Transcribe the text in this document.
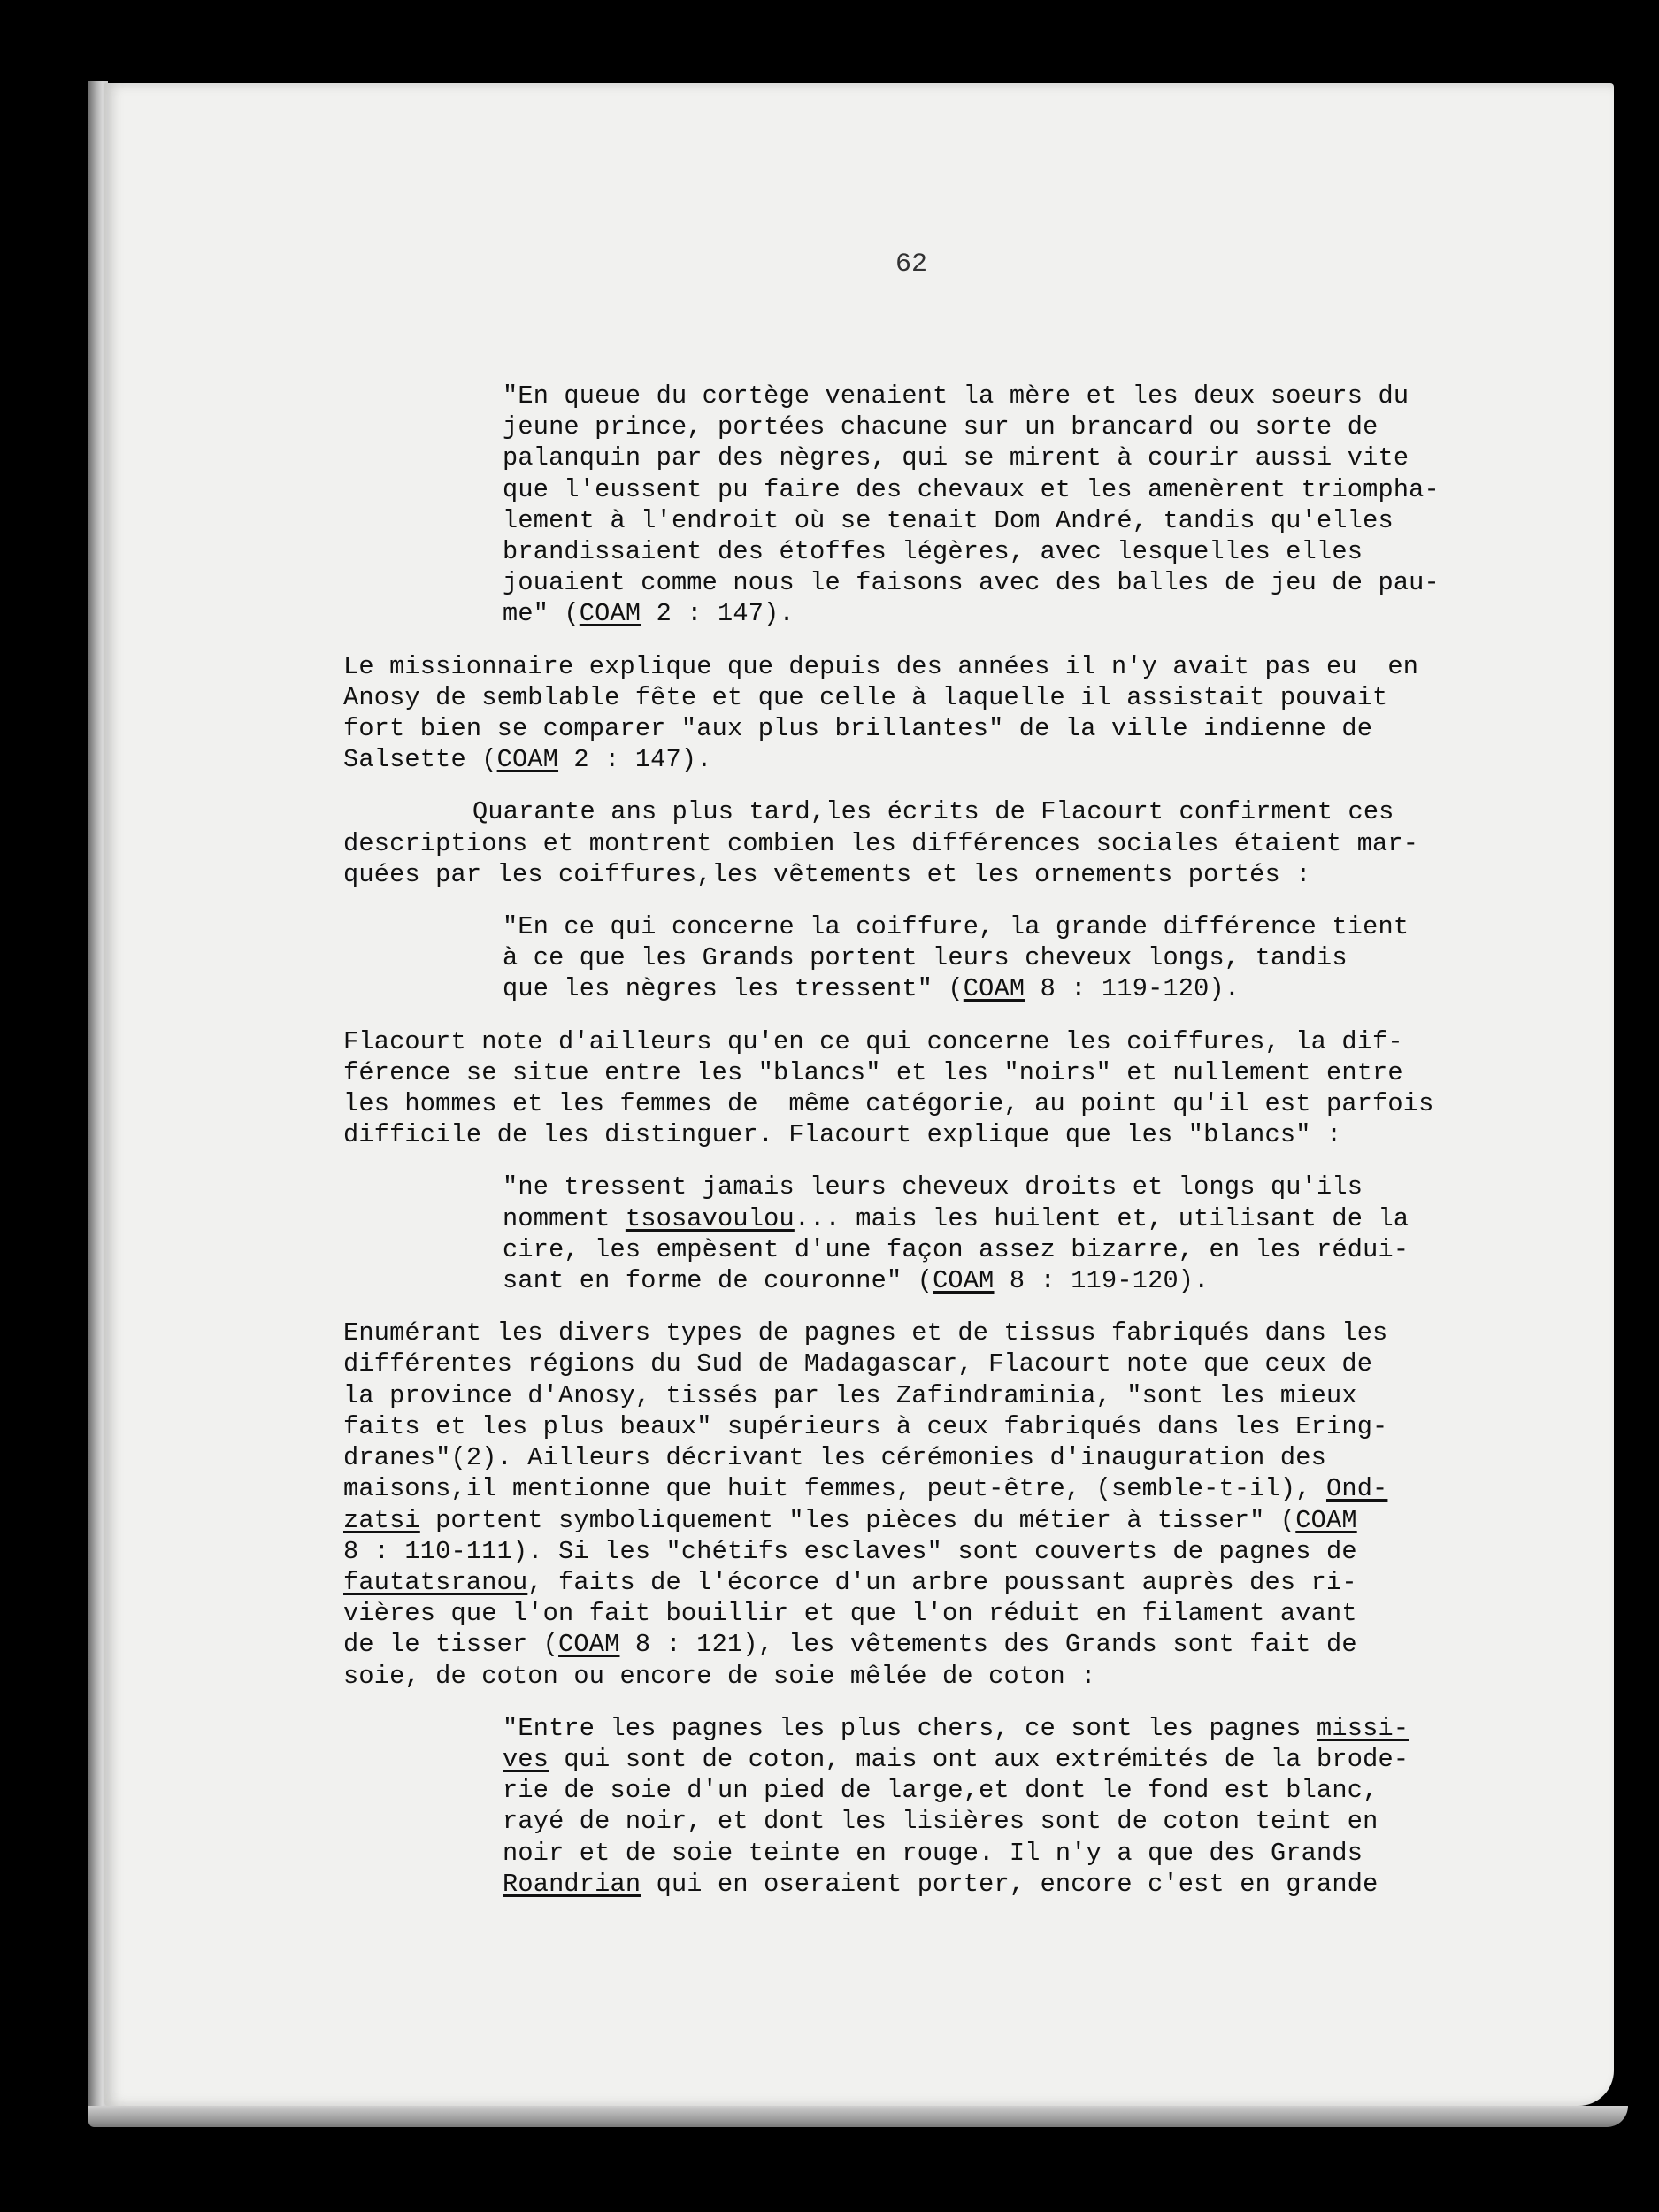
62

"En queue du cortège venaient la mère et les deux soeurs du
jeune prince, portées chacune sur un brancard ou sorte de
palanquin par des nègres, qui se mirent à courir aussi vite
que l'eussent pu faire des chevaux et les amenèrent triompha-
lement à l'endroit où se tenait Dom André, tandis qu'elles
brandissaient des étoffes légères, avec lesquelles elles
jouaient comme nous le faisons avec des balles de jeu de pau-
me" (COAM 2 : 147).

Le missionnaire explique que depuis des années il n'y avait pas eu  en
Anosy de semblable fête et que celle à laquelle il assistait pouvait
fort bien se comparer "aux plus brillantes" de la ville indienne de
Salsette (COAM 2 : 147).

Quarante ans plus tard,les écrits de Flacourt confirment ces
descriptions et montrent combien les différences sociales étaient mar-
quées par les coiffures,les vêtements et les ornements portés :

"En ce qui concerne la coiffure, la grande différence tient
à ce que les Grands portent leurs cheveux longs, tandis
que les nègres les tressent" (COAM 8 : 119-120).

Flacourt note d'ailleurs qu'en ce qui concerne les coiffures, la dif-
férence se situe entre les "blancs" et les "noirs" et nullement entre
les hommes et les femmes de  même catégorie, au point qu'il est parfois
difficile de les distinguer. Flacourt explique que les "blancs" :

"ne tressent jamais leurs cheveux droits et longs qu'ils
nomment tsosavoulou... mais les huilent et, utilisant de la
cire, les empèsent d'une façon assez bizarre, en les rédui-
sant en forme de couronne" (COAM 8 : 119-120).

Enumérant les divers types de pagnes et de tissus fabriqués dans les
différentes régions du Sud de Madagascar, Flacourt note que ceux de
la province d'Anosy, tissés par les Zafindraminia, "sont les mieux
faits et les plus beaux" supérieurs à ceux fabriqués dans les Ering-
dranes"(2). Ailleurs décrivant les cérémonies d'inauguration des
maisons,il mentionne que huit femmes, peut-être, (semble-t-il), Ond-
zatsi portent symboliquement "les pièces du métier à tisser" (COAM
8 : 110-111). Si les "chétifs esclaves" sont couverts de pagnes de
fautatsranou, faits de l'écorce d'un arbre poussant auprès des ri-
vières que l'on fait bouillir et que l'on réduit en filament avant
de le tisser (COAM 8 : 121), les vêtements des Grands sont fait de
soie, de coton ou encore de soie mêlée de coton :

"Entre les pagnes les plus chers, ce sont les pagnes missi-
ves qui sont de coton, mais ont aux extrémités de la brode-
rie de soie d'un pied de large,et dont le fond est blanc,
rayé de noir, et dont les lisières sont de coton teint en
noir et de soie teinte en rouge. Il n'y a que des Grands
Roandrian qui en oseraient porter, encore c'est en grande
